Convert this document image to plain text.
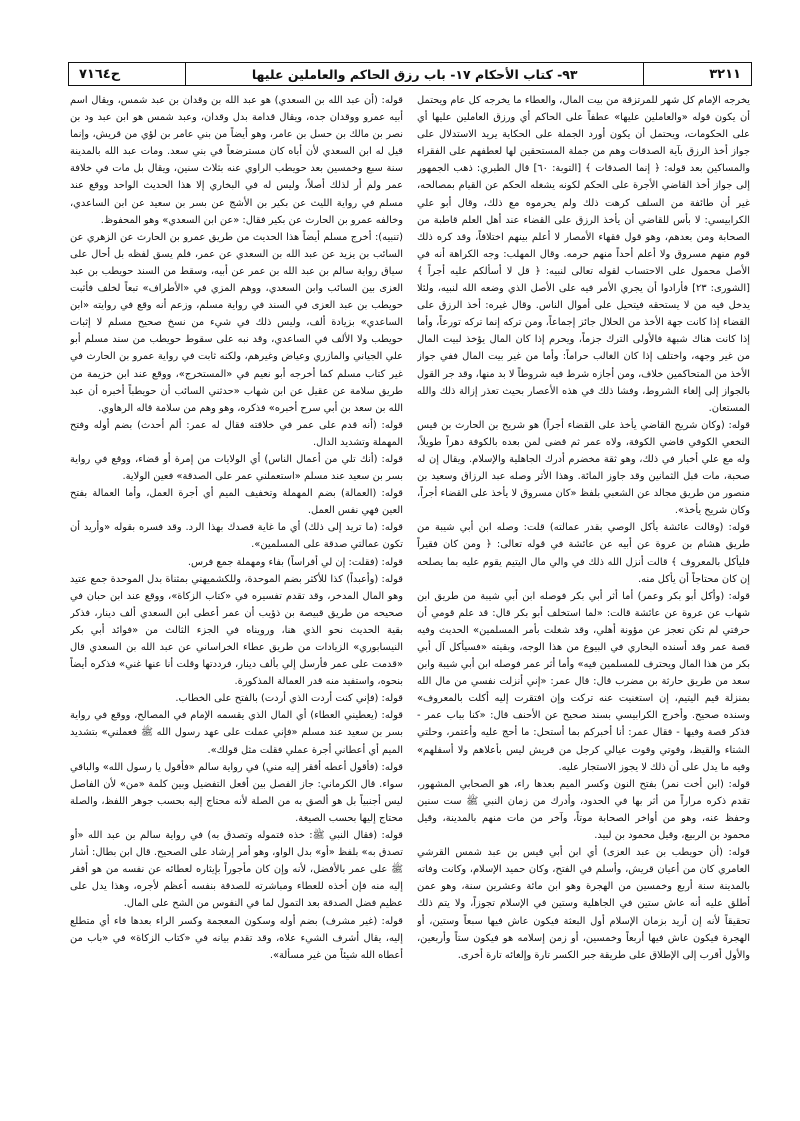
٣٢١١
٩٣- كتاب الأحكام ١٧- باب رزق الحاكم والعاملين عليها
ح٧١٦٤

يخرجه الإمام كل شهر للمرتزقة من بيت المال، والعطاء ما يخرجه كل عام ويحتمل أن يكون قوله «والعاملين عليها» عطفاً على الحاكم أي ورزق العاملين عليها أي على الحكومات، ويحتمل أن يكون أورد الجملة على الحكاية يريد الاستدلال على جواز أخذ الرزق بآية الصدقات وهم من جملة المستحقين لها لعطفهم على الفقراء والمساكين بعد قوله: ﴿ إنما الصدقات ﴾ [التوبة: ٦٠] قال الطبري: ذهب الجمهور إلى جواز أخذ القاضي الأجرة على الحكم لكونه يشغله الحكم عن القيام بمصالحه، غير أن طائفة من السلف كرهت ذلك ولم يحرموه مع ذلك، وقال أبو علي الكرابيسي: لا بأس للقاضي أن يأخذ الرزق على القضاء عند أهل العلم قاطبة من الصحابة ومن بعدهم، وهو قول فقهاء الأمصار لا أعلم بينهم اختلافاً، وقد كره ذلك قوم منهم مسروق ولا أعلم أحداً منهم حرمه. وقال المهلب: وجه الكراهة أنه في الأصل محمول على الاحتساب لقوله تعالى لنبيه: ﴿ قل لا أسألكم عليه أجراً ﴾ [الشورى: ٢٣] فأرادوا أن يجري الأمر فيه على الأصل الذي وضعه الله لنبيه، ولئلا يدخل فيه من لا يستحقه فيتحيل على أموال الناس. وقال غيره: أخذ الرزق على القضاء إذا كانت جهة الأخذ من الحلال جائز إجماعاً، ومن تركه إنما تركه تورعاً، وأما إذا كانت هناك شبهة فالأولى الترك جزماً، ويحرم إذا كان المال يؤخذ لبيت المال من غير وجهه، واختلف إذا كان الغالب حراماً: وأما من غير بيت المال ففي جواز الأخذ من المتحاكمين خلاف، ومن أجازه شرط فيه شروطاً لا بد منها، وقد جر القول بالجواز إلى إلغاء الشروط، وفشا ذلك في هذه الأعصار بحيث تعذر إزالة ذلك والله المستعان.

قوله: (وكان شريح القاضي يأخذ على القضاء أجراً) هو شريح بن الحارث بن قيس النخعي الكوفي قاضي الكوفة، ولاه عمر ثم قضى لمن بعده بالكوفة دهراً طويلاً، وله مع علي أخبار في ذلك، وهو ثقة مخضرم أدرك الجاهلية والإسلام. ويقال إن له صحبة، مات قبل الثمانين وقد جاوز المائة. وهذا الأثر وصله عبد الرزاق وسعيد بن منصور من طريق مجالد عن الشعبي بلفظ «كان مسروق لا يأخذ على القضاء أجراً، وكان شريح يأخذ».

قوله: (وقالت عائشة يأكل الوصي بقدر عمالته) قلت: وصله ابن أبي شيبة من طريق هشام بن عروة عن أبيه عن عائشة في قوله تعالى: ﴿ ومن كان فقيراً فليأكل بالمعروف ﴾ قالت أنزل الله ذلك في والي مال اليتيم يقوم عليه بما يصلحه إن كان محتاجاً أن يأكل منه.

قوله: (وأكل أبو بكر وعمر) أما أثر أبي بكر فوصله ابن أبي شيبة من طريق ابن شهاب عن عروة عن عائشة قالت: «لما استخلف أبو بكر قال: قد علم قومي أن حرفتي لم تكن تعجز عن مؤونة أهلي، وقد شغلت بأمر المسلمين» الحديث وفيه قصة عمر وقد أسنده البخاري في البيوع من هذا الوجه، وبقيته «فسيأكل آل أبي بكر من هذا المال ويحترف للمسلمين فيه» وأما أثر عمر فوصله ابن أبي شيبة وابن سعد من طريق حارثة بن مضرب قال: قال عمر: «إني أنزلت نفسي من مال الله بمنزلة قيم اليتيم، إن استغنيت عنه تركت وإن افتقرت إليه أكلت بالمعروف» وسنده صحيح. وأخرج الكرابيسي بسند صحيح عن الأحنف قال: «كنا بباب عمر - فذكر قصة وفيها - فقال عمر: أنا أخبركم بما أستحل: ما أحج عليه وأعتمر، وحلتي الشتاء والقيظ، وقوتي وقوت عيالي كرجل من قريش ليس بأعلاهم ولا أسفلهم» وفيه ما يدل على أن ذلك لا يجوز الاستجار عليه.

قوله: (ابن أخت نمر) بفتح النون وكسر الميم بعدها راء، هو الصحابي المشهور، تقدم ذكره مراراً من أثر بها في الحدود، وأدرك من زمان النبي ﷺ ست سنين وحفظ عنه، وهو من أواخر الصحابة موتاً، وآخر من مات منهم بالمدينة، وقيل محمود بن الربيع، وقيل محمود بن لبيد.

قوله: (أن حويطب بن عبد العزى) أي ابن أبي قيس بن عبد شمس القرشي العامري كان من أعيان قريش، وأسلم في الفتح، وكان حميد الإسلام، وكانت وفاته بالمدينة سنة أربع وخمسين من الهجرة وهو ابن مائة وعشرين سنة، وهو عمن أطلق عليه أنه عاش ستين في الجاهلية وستين في الإسلام تجوزاً، ولا يتم ذلك تحقيقاً لأنه إن أريد بزمان الإسلام أول البعثة فيكون عاش فيها سبعاً وستين، أو الهجرة فيكون عاش فيها أربعاً وخمسين، أو زمن إسلامه هو فيكون ستاً وأربعين، والأول أقرب إلى الإطلاق على طريقة جبر الكسر تارة وإلغائه تارة أخرى.

قوله: (أن عبد الله بن السعدي) هو عبد الله بن وقدان بن عبد شمس، ويقال اسم أبيه عمرو ووقدان جده، ويقال قدامة بدل وقدان، وعبد شمس هو ابن عبد ود بن نصر بن مالك بن حسل بن عامر، وهو أيضاً من بني عامر بن لؤي من قريش، وإنما قيل له ابن السعدي لأن أباه كان مسترضعاً في بني سعد. ومات عبد الله بالمدينة سنة سبع وخمسين بعد حويطب الراوي عنه بثلاث سنين، ويقال بل مات في خلافة عمر ولم أر لذلك أصلاً، وليس له في البخاري إلا هذا الحديث الواحد ووقع عند مسلم في رواية الليث عن بكير بن الأشج عن بسر بن سعيد عن ابن الساعدي، وخالفه عمرو بن الحارث عن بكير فقال: «عن ابن السعدي» وهو المحفوظ.

(تنبيه): أخرج مسلم أيضاً هذا الحديث من طريق عمرو بن الحارث عن الزهري عن السائب بن يزيد عن عبد الله بن السعدي عن عمر، فلم يسق لفظه بل أحال على سياق رواية سالم بن عبد الله بن عمر عن أبيه، وسقط من السند حويطب بن عبد العزى بين السائب وابن السعدي، ووهم المزي في «الأطراف» تبعاً لخلف فأثبت حويطب بن عبد العزى في السند في رواية مسلم، وزعم أنه وقع في روايته «ابن الساعدي» بزيادة ألف، وليس ذلك في شيء من نسخ صحيح مسلم لا إثبات حويطب ولا الألف في الساعدي، وقد نبه على سقوط حويطب من سند مسلم أبو علي الجياني والمازري وعياض وغيرهم، ولكنه ثابت في رواية عمرو بن الحارث في غير كتاب مسلم كما أخرجه أبو نعيم في «المستخرج»، ووقع عند ابن خزيمة من طريق سلامة عن عقيل عن ابن شهاب «حدثني السائب أن حويطباً أخبره أن عبد الله بن سعد بن أبي سرح أخبره» فذكره، وهو وهم من سلامة قاله الرهاوي.

قوله: (أنه قدم على عمر في خلافته فقال له عمر: ألم أحدث) بضم أوله وفتح المهملة وتشديد الدال.

قوله: (أنك تلي من أعمال الناس) أي الولايات من إمرة أو قضاء، ووقع في رواية بسر بن سعيد عند مسلم «استعملني عمر على الصدقة» فعين الولاية.

قوله: (العمالة) بضم المهملة وتخفيف الميم أي أجرة العمل، وأما العمالة بفتح العين فهي نفس العمل.

قوله: (ما تريد إلى ذلك) أي ما غاية قصدك بهذا الرد. وقد فسره بقوله «وأريد أن تكون عمالتي صدقة على المسلمين».

قوله: (فقلت: إن لي أفراساً) بفاء ومهملة جمع فرس.

قوله: (وأعبداً) كذا للأكثر بضم الموحدة، وللكشميهني بمثناة بدل الموحدة جمع عتيد وهو المال المدخر، وقد تقدم تفسيره في «كتاب الزكاة»، ووقع عند ابن حبان في صحيحه من طريق قبيصة بن ذؤيب أن عمر أعطى ابن السعدي ألف دينار، فذكر بقية الحديث نحو الذي هنا، ورويناه في الجزء الثالث من «فوائد أبي بكر النيسابوري» الزيادات من طريق عطاء الخراساني عن عبد الله بن السعدي قال «قدمت على عمر فأرسل إلي بألف دينار، فرددتها وقلت أنا عنها غني» فذكره أيضاً بنحوه، واستفيد منه قدر العمالة المذكورة.

قوله: (فإني كنت أردت الذي أردت) بالفتح على الخطاب.

قوله: (يعطيني العطاء) أي المال الذي يقسمه الإمام في المصالح، ووقع في رواية بسر بن سعيد عند مسلم «فإني عملت على عهد رسول الله ﷺ فعملني» بتشديد الميم أي أعطاني أجرة عملي فقلت مثل قولك».

قوله: (فأقول أعطه أفقر إليه مني) في رواية سالم «فأقول يا رسول الله» والباقي سواء. قال الكرماني: جاز الفصل بين أفعل التفضيل وبين كلمة «من» لأن الفاصل ليس أجنبياً بل هو ألصق به من الصلة لأنه محتاج إليه بحسب جوهر اللفظ، والصلة محتاج إليها بحسب الصيغة.

قوله: (فقال النبي ﷺ: خذه فتموله وتصدق به) في رواية سالم بن عبد الله «أو تصدق به» بلفظ «أو» بدل الواو، وهو أمر إرشاد على الصحيح. قال ابن بطال: أشار ﷺ على عمر بالأفضل، لأنه وإن كان مأجوراً بإيثاره لعطائه عن نفسه من هو أفقر إليه منه فإن أخذه للعطاء ومباشرته للصدقة بنفسه أعظم لأجره، وهذا يدل على عظيم فضل الصدقة بعد التمول لما في النفوس من الشح على المال.

قوله: (غير مشرف) بضم أوله وسكون المعجمة وكسر الراء بعدها فاء أي متطلع إليه، يقال أشرف الشيء علاه، وقد تقدم بيانه في «كتاب الزكاة» في «باب من أعطاه الله شيئاً من غير مسألة».
